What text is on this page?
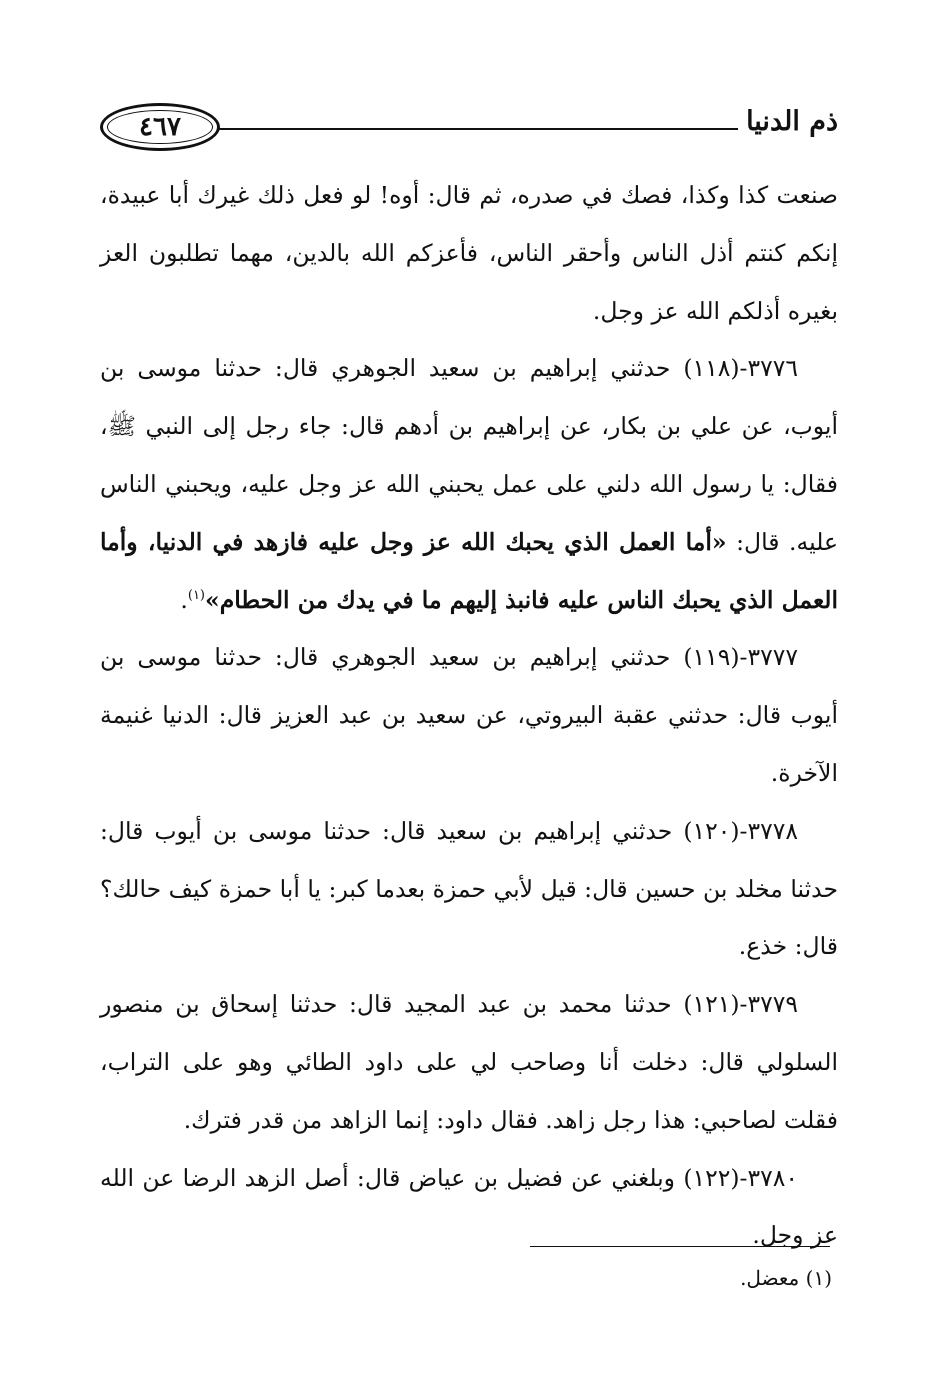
٤٦٧	ذم الدنيا

صنعت كذا وكذا، فصك في صدره، ثم قال: أوه! لو فعل ذلك غيرك أبا عبيدة، إنكم كنتم أذل الناس وأحقر الناس، فأعزكم الله بالدين، مهما تطلبون العز بغيره أذلكم الله عز وجل.

٣٧٧٦-(١١٨) حدثني إبراهيم بن سعيد الجوهري قال: حدثنا موسى بن أيوب، عن علي بن بكار، عن إبراهيم بن أدهم قال: جاء رجل إلى النبي ﷺ، فقال: يا رسول الله دلني على عمل يحبني الله عز وجل عليه، ويحبني الناس عليه. قال: «أما العمل الذي يحبك الله عز وجل عليه فازهد في الدنيا، وأما العمل الذي يحبك الناس عليه فانبذ إليهم ما في يدك من الحطام»$^{(١)}$.

٣٧٧٧-(١١٩) حدثني إبراهيم بن سعيد الجوهري قال: حدثنا موسى بن أيوب قال: حدثني عقبة البيروتي، عن سعيد بن عبد العزيز قال: الدنيا غنيمة الآخرة.

٣٧٧٨-(١٢٠) حدثني إبراهيم بن سعيد قال: حدثنا موسى بن أيوب قال: حدثنا مخلد بن حسين قال: قيل لأبي حمزة بعدما كبر: يا أبا حمزة كيف حالك؟ قال: خذع.

٣٧٧٩-(١٢١) حدثنا محمد بن عبد المجيد قال: حدثنا إسحاق بن منصور السلولي قال: دخلت أنا وصاحب لي على داود الطائي وهو على التراب، فقلت لصاحبي: هذا رجل زاهد. فقال داود: إنما الزاهد من قدر فترك.

٣٧٨٠-(١٢٢) وبلغني عن فضيل بن عياض قال: أصل الزهد الرضا عن الله عز وجل.

(١) معضل.
